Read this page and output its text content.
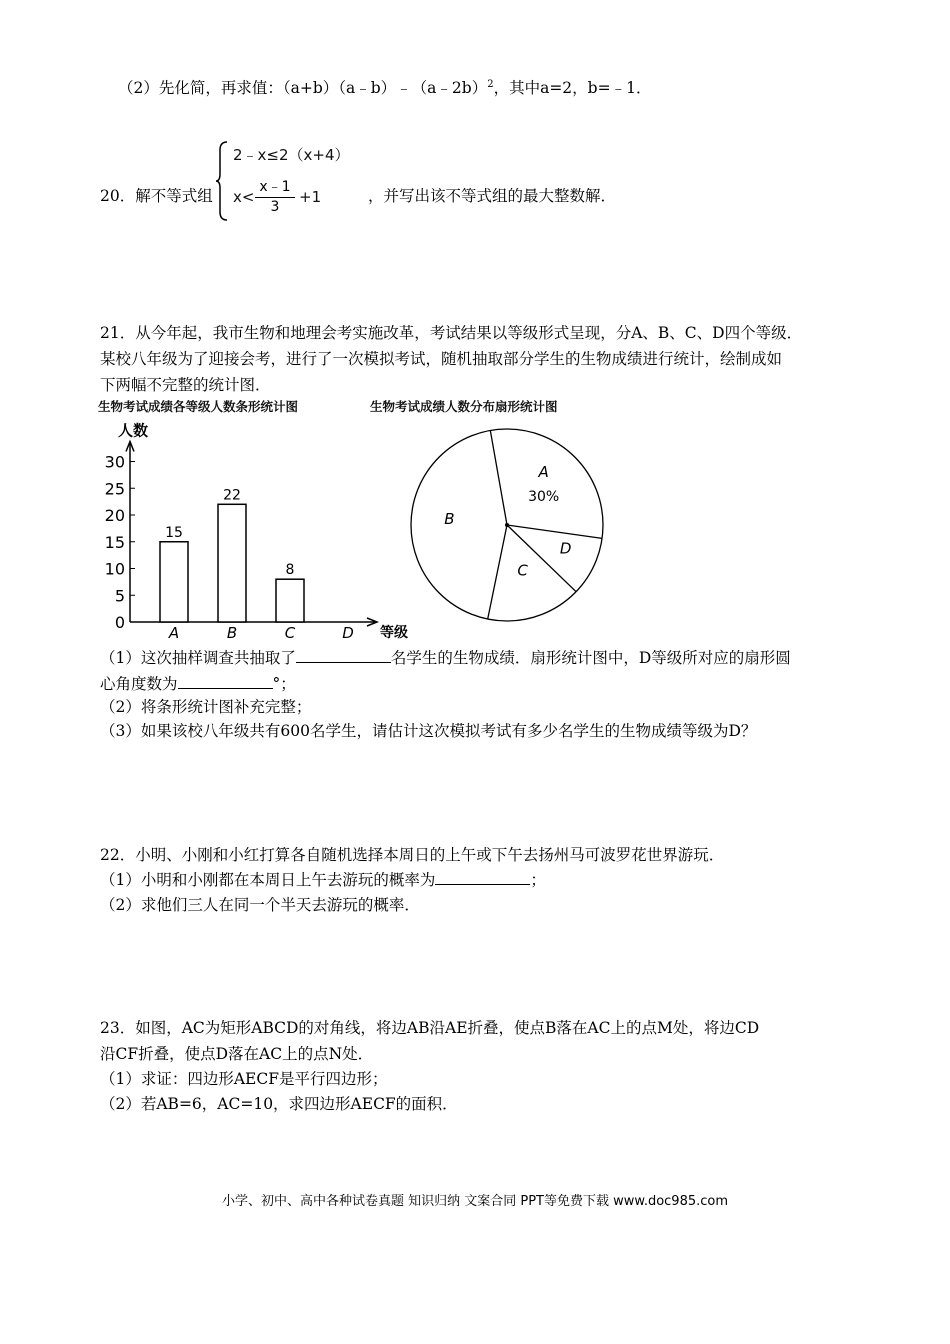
（2）先化简，再求值：（a+b）（a﹣b）﹣（a﹣2b）$^2$，其中a=2，b=﹣1．
20．解不等式组
2﹣x≤2（x+4）
x<
x﹣1
3
+1	，并写出该不等式组的最大整数解．
21．从今年起，我市生物和地理会考实施改革，考试结果以等级形式呈现，分A、B、C、D四个等级．
某校八年级为了迎接会考，进行了一次模拟考试，随机抽取部分学生的生物成绩进行统计，绘制成如
下两幅不完整的统计图．
生物考试成绩各等级人数条形统计图	生物考试成绩人数分布扇形统计图
0
5
10
15
20
25
30
人数
等级
15
A
22
B
8
C	D
A
30%
D
C
B
（1）这次抽样调查共抽取了	名学生的生物成绩．扇形统计图中，D等级所对应的扇形圆
心角度数为	°；
（2）将条形统计图补充完整；
（3）如果该校八年级共有600名学生，请估计这次模拟考试有多少名学生的生物成绩等级为D？
22．小明、小刚和小红打算各自随机选择本周日的上午或下午去扬州马可波罗花世界游玩．
（1）小明和小刚都在本周日上午去游玩的概率为	；
（2）求他们三人在同一个半天去游玩的概率．
23．如图，AC为矩形ABCD的对角线，将边AB沿AE折叠，使点B落在AC上的点M处，将边CD
沿CF折叠，使点D落在AC上的点N处．
（1）求证：四边形AECF是平行四边形；
（2）若AB=6，AC=10，求四边形AECF的面积．
小学、初中、高中各种试卷真题 知识归纳 文案合同 PPT等免费下载 www.doc985.com
